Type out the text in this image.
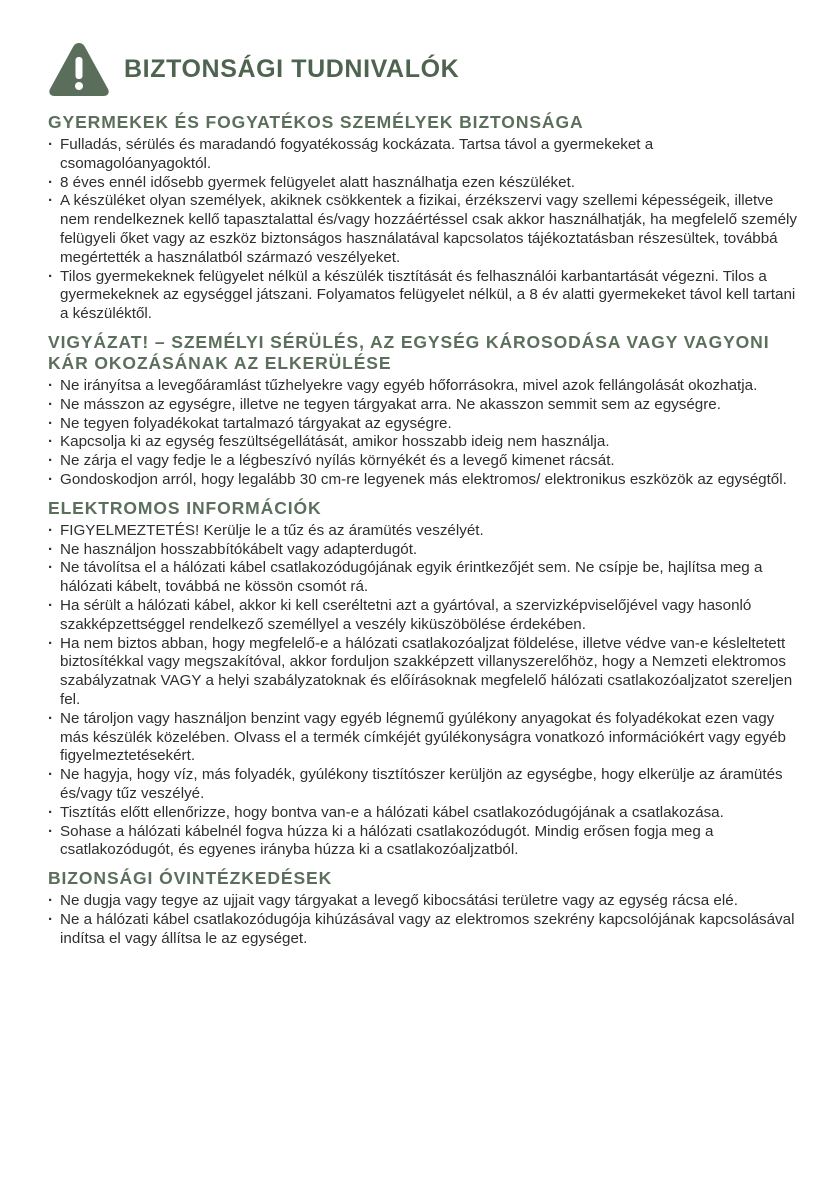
BIZTONSÁGI TUDNIVALÓK
GYERMEKEK ÉS FOGYATÉKOS SZEMÉLYEK BIZTONSÁGA
· Fulladás, sérülés és maradandó fogyatékosság kockázata. Tartsa távol a gyermekeket a csomagolóanyagoktól.
· 8 éves ennél idősebb gyermek felügyelet alatt használhatja ezen készüléket.
· A készüléket olyan személyek, akiknek csökkentek a fizikai, érzékszervi vagy szellemi képességeik, illetve nem rendelkeznek kellő tapasztalattal és/vagy hozzáértéssel csak akkor használhatják, ha megfelelő személy felügyeli őket vagy az eszköz biztonságos használatával kapcsolatos tájékoztatásban részesültek, továbbá megértették a használatból származó veszélyeket.
· Tilos gyermekeknek felügyelet nélkül a készülék tisztítását és felhasználói karbantartását végezni. Tilos a gyermekeknek az egységgel játszani. Folyamatos felügyelet nélkül, a 8 év alatti gyermekeket távol kell tartani a készüléktől.
VIGYÁZAT! – SZEMÉLYI SÉRÜLÉS, AZ EGYSÉG KÁROSODÁSA VAGY VAGYONI KÁR OKOZÁSÁNAK AZ ELKERÜLÉSE
· Ne irányítsa a levegőáramlást tűzhelyekre vagy egyéb hőforrásokra, mivel azok fellángolását okozhatja.
· Ne másszon az egységre, illetve ne tegyen tárgyakat arra. Ne akasszon semmit sem az egységre.
· Ne tegyen folyadékokat tartalmazó tárgyakat az egységre.
· Kapcsolja ki az egység feszültségellátását, amikor hosszabb ideig nem használja.
· Ne zárja el vagy fedje le a légbeszívó nyílás környékét és a levegő kimenet rácsát.
· Gondoskodjon arról, hogy legalább 30 cm-re legyenek más elektromos/ elektronikus eszközök az egységtől.
ELEKTROMOS INFORMÁCIÓK
· FIGYELMEZTETÉS! Kerülje le a tűz és az áramütés veszélyét.
· Ne használjon hosszabbítókábelt vagy adapterdugót.
· Ne távolítsa el a hálózati kábel csatlakozódugójának egyik érintkezőjét sem. Ne csípje be, hajlítsa meg a hálózati kábelt, továbbá ne kössön csomót rá.
· Ha sérült a hálózati kábel, akkor ki kell cseréltetni azt a gyártóval, a szervizképviselőjével vagy hasonló szakképzettséggel rendelkező személlyel a veszély kiküszöbölése érdekében.
· Ha nem biztos abban, hogy megfelelő-e a hálózati csatlakozóaljzat földelése, illetve védve van-e késleltetett biztosítékkal vagy megszakítóval, akkor forduljon szakképzett villanyszerelőhöz, hogy a Nemzeti elektromos szabályzatnak VAGY a helyi szabályzatoknak és előírásoknak megfelelő hálózati csatlakozóaljzatot szereljen fel.
· Ne tároljon vagy használjon benzint vagy egyéb légnemű gyúlékony anyagokat és folyadékokat ezen vagy más készülék közelében. Olvass el a termék címkéjét gyúlékonyságra vonatkozó információkért vagy egyéb figyelmeztetésekért.
· Ne hagyja, hogy víz, más folyadék, gyúlékony tisztítószer kerüljön az egységbe, hogy elkerülje az áramütés és/vagy tűz veszélyé.
· Tisztítás előtt ellenőrizze, hogy bontva van-e a hálózati kábel csatlakozódugójának a csatlakozása.
· Sohase a hálózati kábelnél fogva húzza ki a hálózati csatlakozódugót. Mindig erősen fogja meg a csatlakozódugót, és egyenes irányba húzza ki a csatlakozóaljzatból.
BIZONSÁGI ÓVINTÉZKEDÉSEK
· Ne dugja vagy tegye az ujjait vagy tárgyakat a levegő kibocsátási területre vagy az egység rácsa elé.
· Ne a hálózati kábel csatlakozódugója kihúzásával vagy az elektromos szekrény kapcsolójának kapcsolásával indítsa el vagy állítsa le az egységet.
